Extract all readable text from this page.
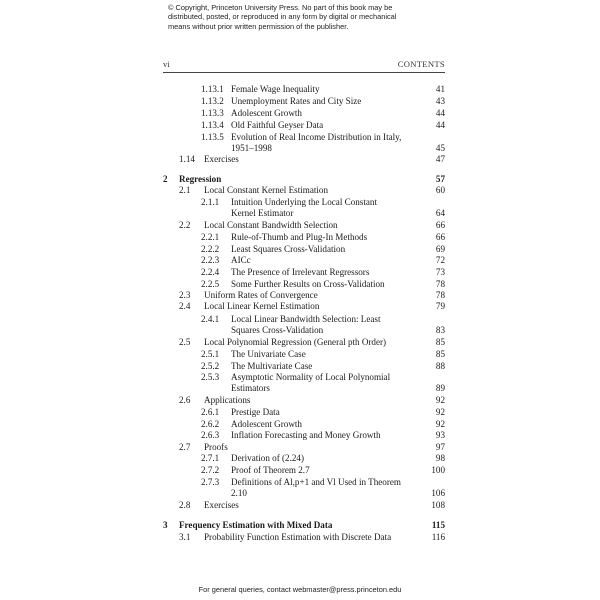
© Copyright, Princeton University Press. No part of this book may be
distributed, posted, or reproduced in any form by digital or mechanical
means without prior written permission of the publisher.
vi	CONTENTS
1.13.1 Female Wage Inequality	41
1.13.2 Unemployment Rates and City Size	43
1.13.3 Adolescent Growth	44
1.13.4 Old Faithful Geyser Data	44
1.13.5 Evolution of Real Income Distribution in Italy,
1951–1998	45
1.14 Exercises	47
2 Regression	57
2.1 Local Constant Kernel Estimation	60
2.1.1 Intuition Underlying the Local Constant
Kernel Estimator	64
2.2 Local Constant Bandwidth Selection	66
2.2.1 Rule-of-Thumb and Plug-In Methods	66
2.2.2 Least Squares Cross-Validation	69
2.2.3 AICc	72
2.2.4 The Presence of Irrelevant Regressors	73
2.2.5 Some Further Results on Cross-Validation	78
2.3 Uniform Rates of Convergence	78
2.4 Local Linear Kernel Estimation	79
2.4.1 Local Linear Bandwidth Selection: Least
Squares Cross-Validation	83
2.5 Local Polynomial Regression (General pth Order)	85
2.5.1 The Univariate Case	85
2.5.2 The Multivariate Case	88
2.5.3 Asymptotic Normality of Local Polynomial
Estimators	89
2.6 Applications	92
2.6.1 Prestige Data	92
2.6.2 Adolescent Growth	92
2.6.3 Inflation Forecasting and Money Growth	93
2.7 Proofs	97
2.7.1 Derivation of (2.24)	98
2.7.2 Proof of Theorem 2.7	100
2.7.3 Definitions of Al,p+1 and Vl Used in Theorem
2.10	106
2.8 Exercises	108
3 Frequency Estimation with Mixed Data	115
3.1 Probability Function Estimation with Discrete Data	116
For general queries, contact webmaster@press.princeton.edu
